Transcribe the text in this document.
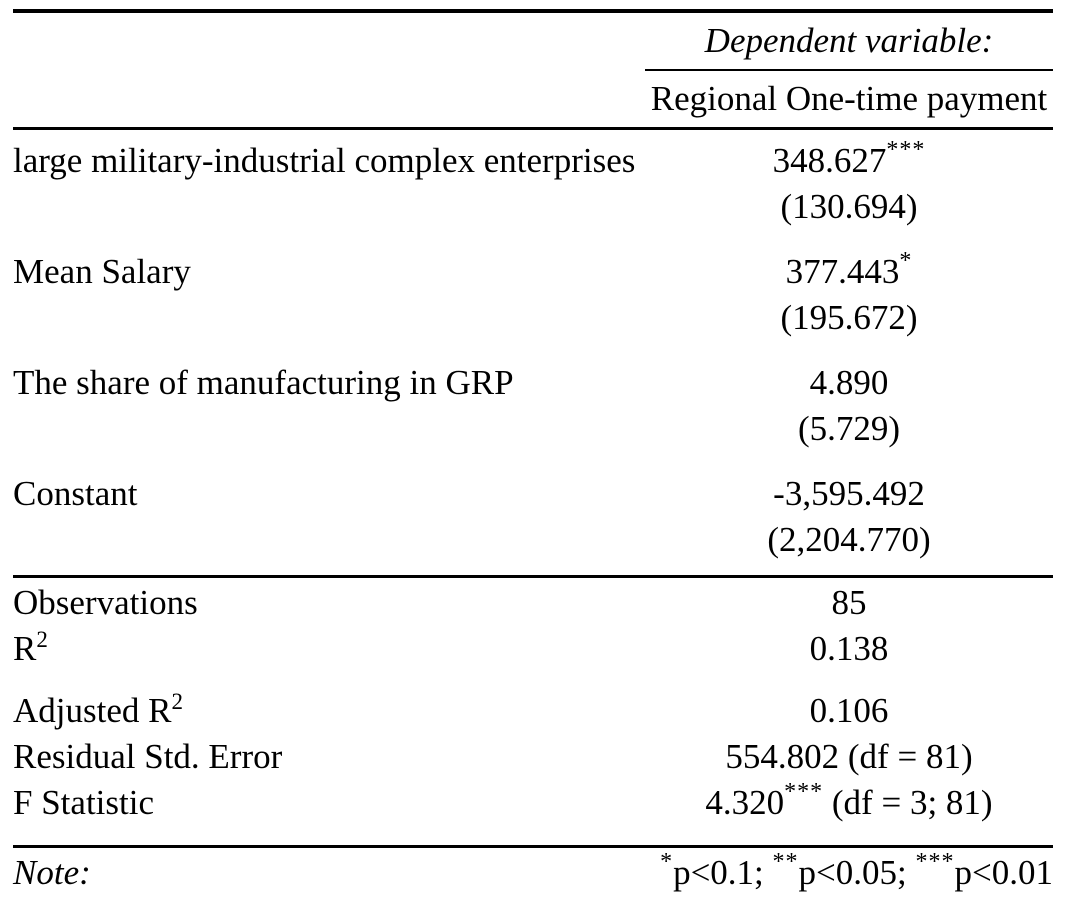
Dependent variable:
Regional One-time payment
large military-industrial complex enterprises	348.627***
(130.694)
Mean Salary	377.443*
(195.672)
The share of manufacturing in GRP	4.890
(5.729)
Constant	-3,595.492
(2,204.770)
Observations	85
$R^2$	0.138
Adjusted $R^2$	0.106
Residual Std. Error	554.802 (df = 81)
F Statistic	4.320*** (df = 3; 81)
Note:	*p<0.1; **p<0.05; ***p<0.01
